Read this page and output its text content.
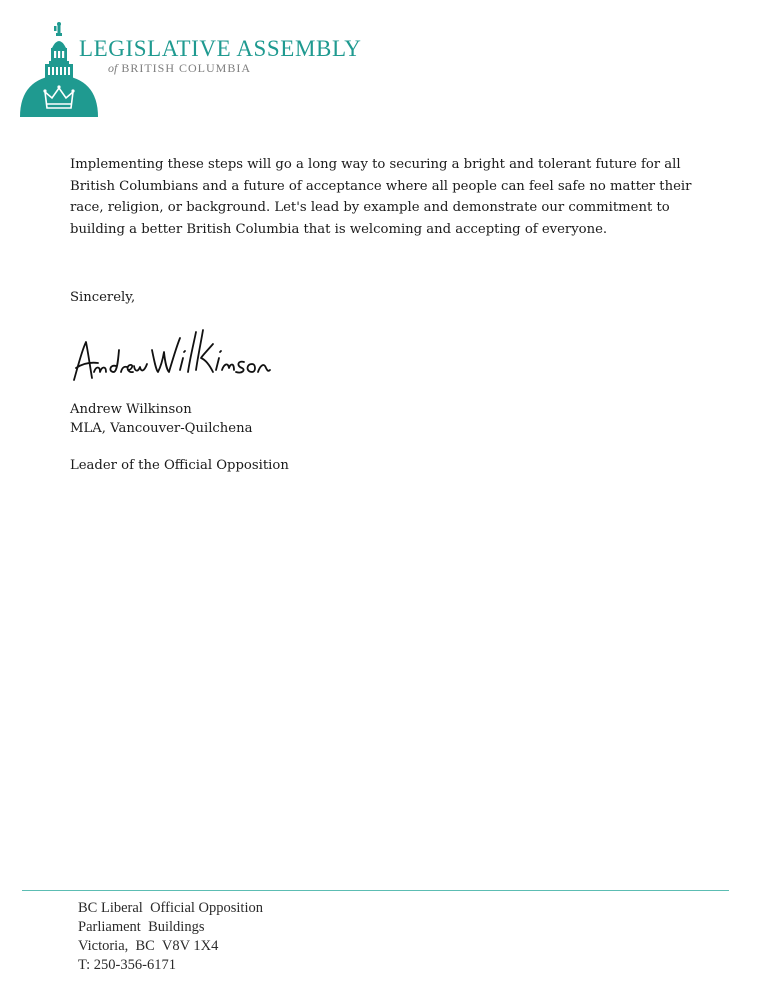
LEGISLATIVE ASSEMBLY
of BRITISH COLUMBIA

Implementing these steps will go a long way to securing a bright and tolerant future for all British Columbians and a future of acceptance where all people can feel safe no matter their race, religion, or background. Let's lead by example and demonstrate our commitment to building a better British Columbia that is welcoming and accepting of everyone.

Sincerely,
Andrew Wilkinson
MLA, Vancouver-Quilchena
Leader of the Official Opposition
BC Liberal  Official Opposition
Parliament  Buildings
Victoria,  BC  V8V 1X4
T: 250-356-6171
